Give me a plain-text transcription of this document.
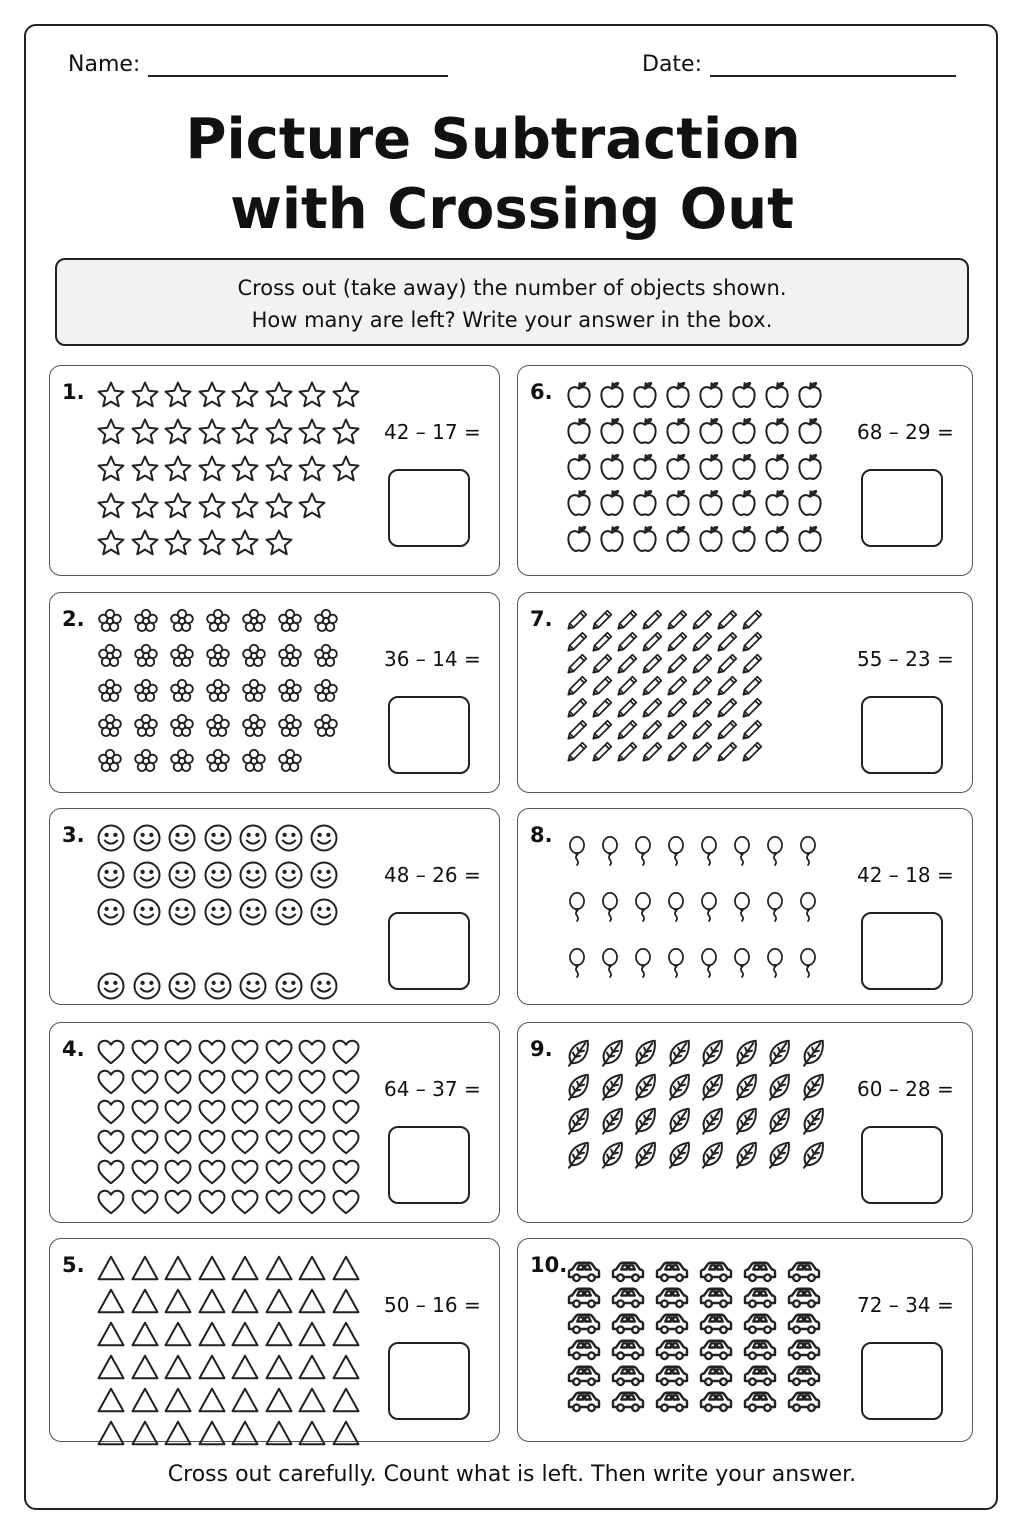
Name:	Date:
Picture Subtraction
with Crossing Out
Cross out (take away) the number of objects shown.
How many are left? Write your answer in the box.
1.
42 – 17 =
2.
36 – 14 =
3.
48 – 26 =
4.
64 – 37 =
5.
50 – 16 =
6.
68 – 29 =
7.
55 – 23 =
8.
42 – 18 =
9.
60 – 28 =
10.
72 – 34 =
Cross out carefully. Count what is left. Then write your answer.
